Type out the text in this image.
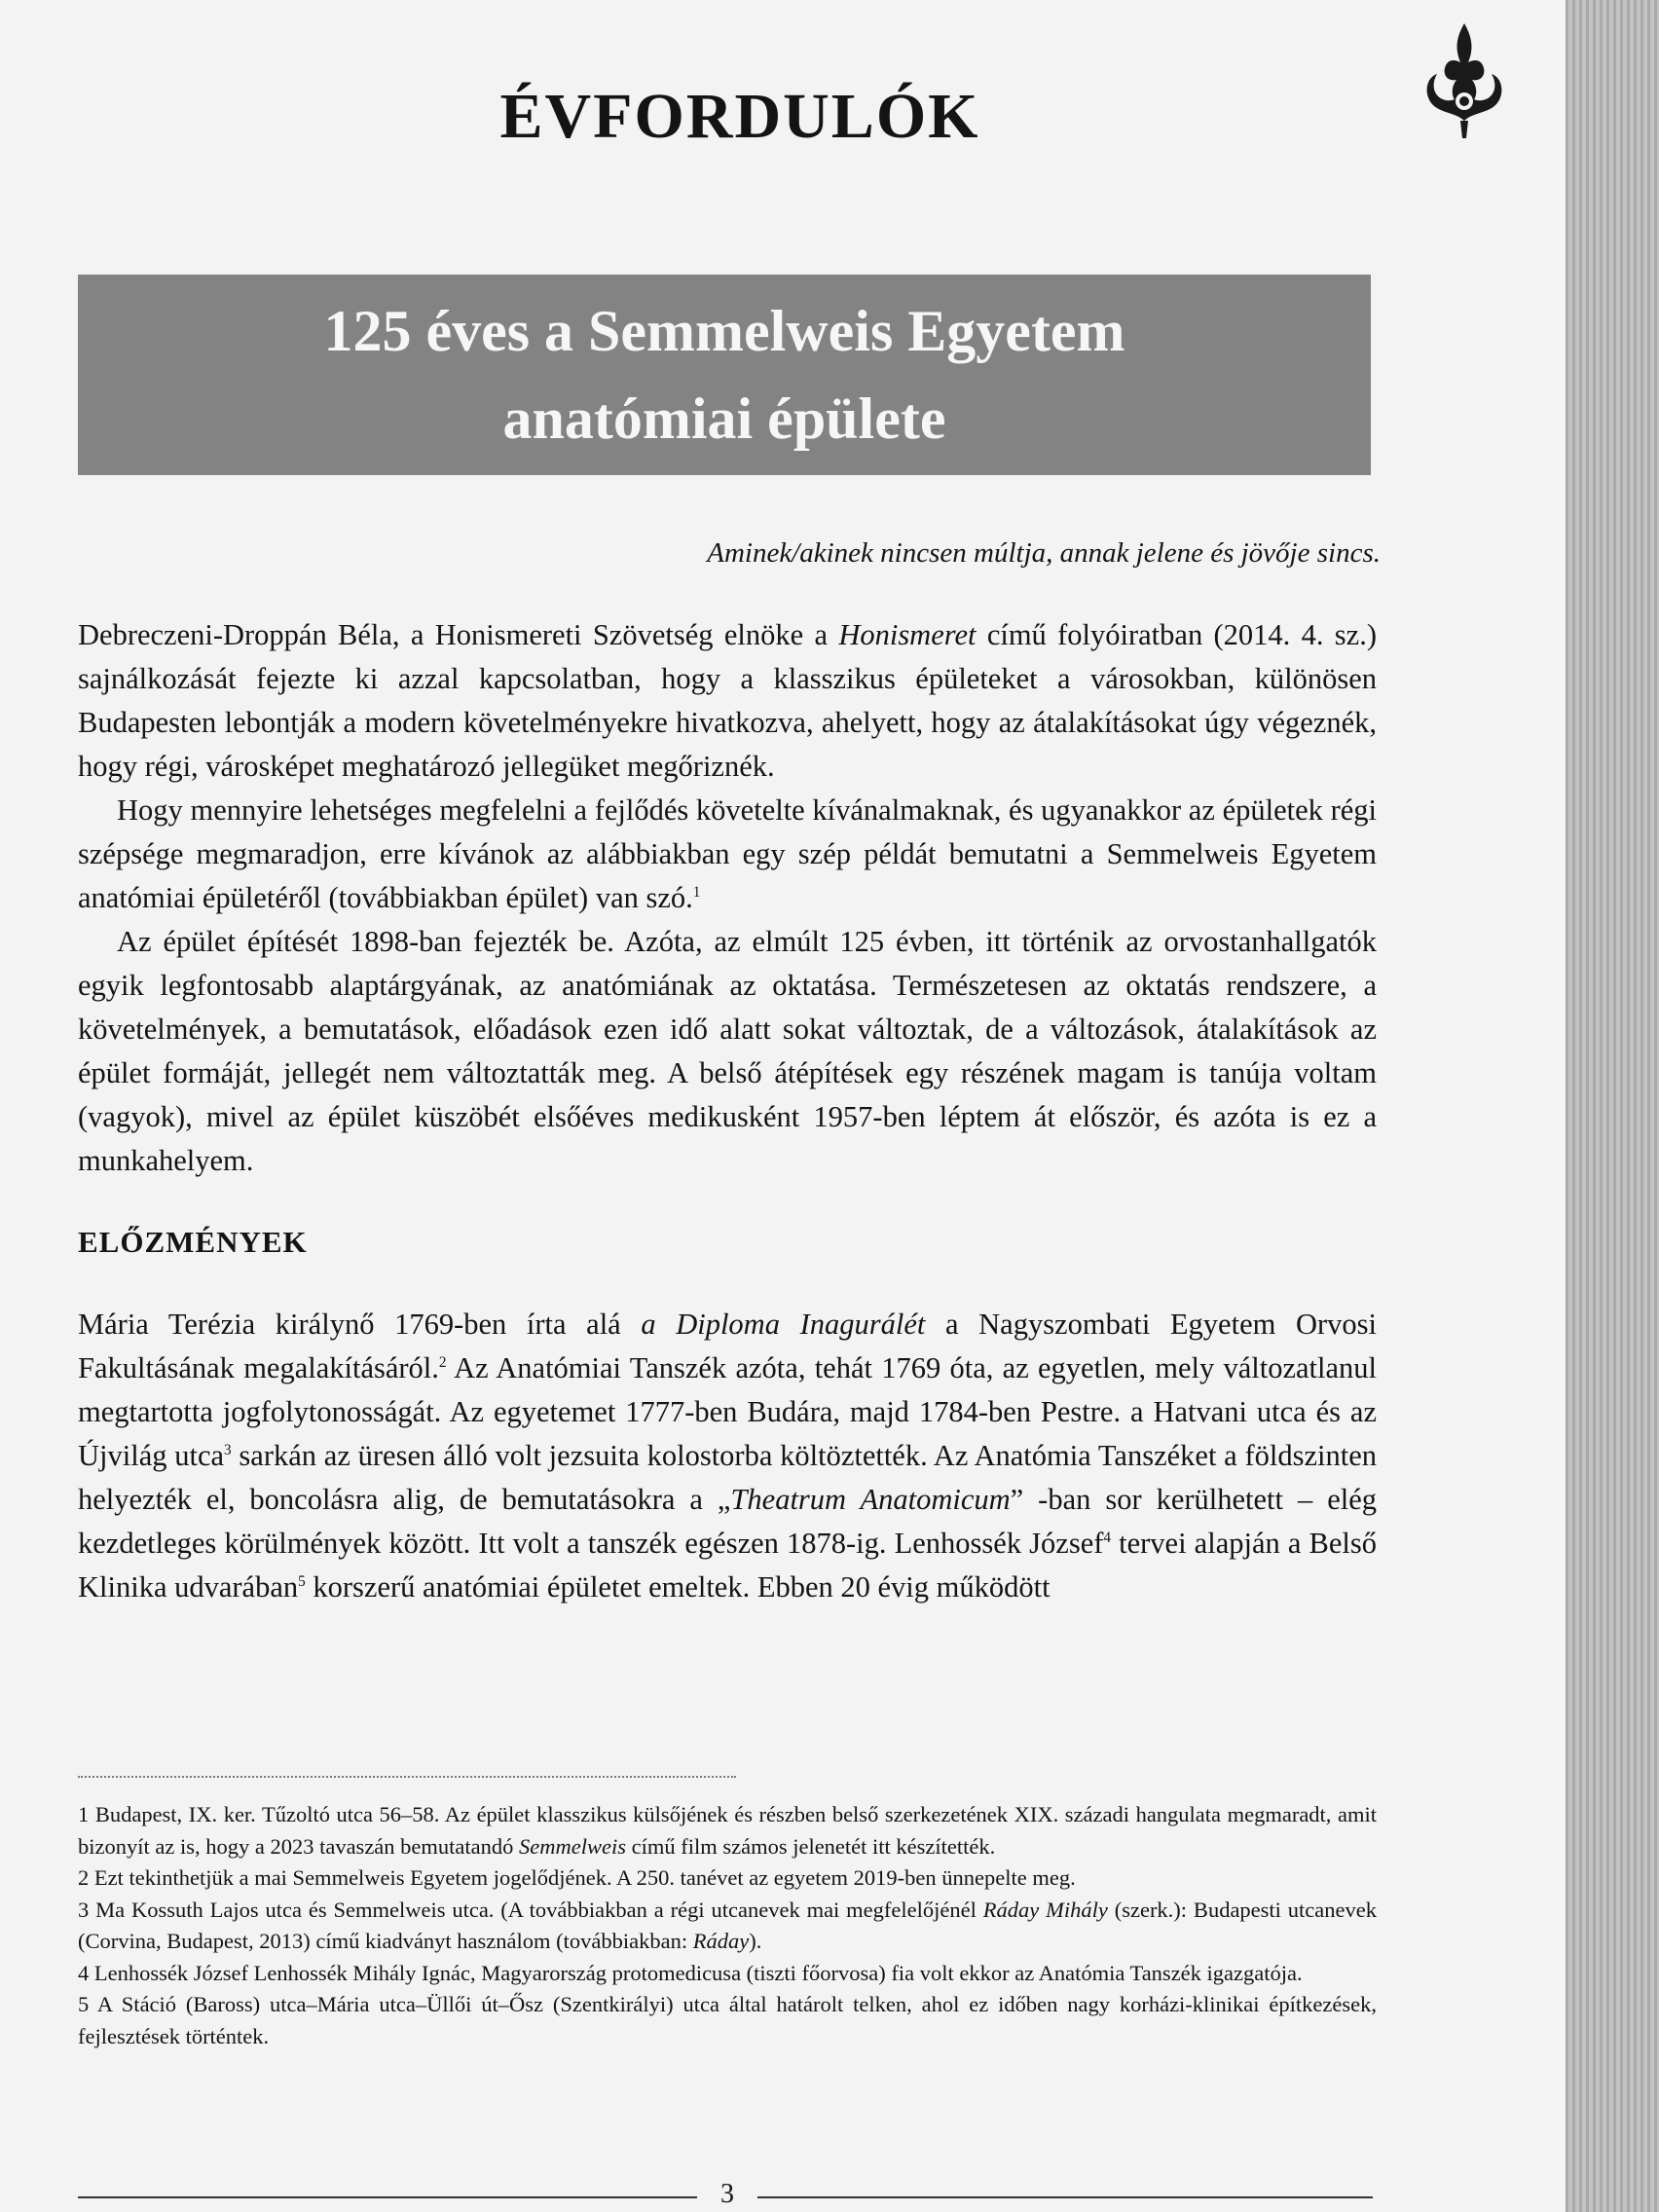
ÉVFORDULÓK
125 éves a Semmelweis Egyetem
anatómiai épülete
Aminek/akinek nincsen múltja, annak jelene és jövője sincs.

Debreczeni-Droppán Béla, a Honismereti Szövetség elnöke a Honismeret című folyóiratban (2014. 4. sz.) sajnálkozását fejezte ki azzal kapcsolatban, hogy a klasszikus épületeket a városokban, különösen Budapesten lebontják a modern követelményekre hivatkozva, ahelyett, hogy az átalakításokat úgy végeznék, hogy régi, városképet meghatározó jellegüket megőriznék.

Hogy mennyire lehetséges megfelelni a fejlődés követelte kívánalmaknak, és ugyanakkor az épületek régi szépsége megmaradjon, erre kívánok az alábbiakban egy szép példát bemutatni a Semmelweis Egyetem anatómiai épületéről (továbbiakban épület) van szó.$^1$

Az épület építését 1898-ban fejezték be. Azóta, az elmúlt 125 évben, itt történik az orvostanhallgatók egyik legfontosabb alaptárgyának, az anatómiának az oktatása. Természetesen az oktatás rendszere, a követelmények, a bemutatások, előadások ezen idő alatt sokat változtak, de a változások, átalakítások az épület formáját, jellegét nem változtatták meg. A belső átépítések egy részének magam is tanúja voltam (vagyok), mivel az épület küszöbét elsőéves medikusként 1957-ben léptem át először, és azóta is ez a munkahelyem.

ELŐZMÉNYEK

Mária Terézia királynő 1769-ben írta alá a Diploma Inagurálét a Nagyszombati Egyetem Orvosi Fakultásának megalakításáról.$^2$ Az Anatómiai Tanszék azóta, tehát 1769 óta, az egyetlen, mely változatlanul megtartotta jogfolytonosságát. Az egyetemet 1777-ben Budára, majd 1784-ben Pestre. a Hatvani utca és az Újvilág utca$^3$ sarkán az üresen álló volt jezsuita kolostorba költöztették. Az Anatómia Tanszéket a földszinten helyezték el, boncolásra alig, de bemutatásokra a „Theatrum Anatomicum” -ban sor kerülhetett – elég kezdetleges körülmények között. Itt volt a tanszék egészen 1878-ig. Lenhossék József$^4$ tervei alapján a Belső Klinika udvarában$^5$ korszerű anatómiai épületet emeltek. Ebben 20 évig működött

1 Budapest, IX. ker. Tűzoltó utca 56–58. Az épület klasszikus külsőjének és részben belső szerkezetének XIX. századi hangulata megmaradt, amit bizonyít az is, hogy a 2023 tavaszán bemutatandó Semmelweis című film számos jelenetét itt készítették.

2 Ezt tekinthetjük a mai Semmelweis Egyetem jogelődjének. A 250. tanévet az egyetem 2019-ben ünnepelte meg.

3 Ma Kossuth Lajos utca és Semmelweis utca. (A továbbiakban a régi utcanevek mai megfelelőjénél Ráday Mihály (szerk.): Budapesti utcanevek (Corvina, Budapest, 2013) című kiadványt használom (továbbiakban: Ráday).

4 Lenhossék József Lenhossék Mihály Ignác, Magyarország protomedicusa (tiszti főorvosa) fia volt ekkor az Anatómia Tanszék igazgatója.

5 A Stáció (Baross) utca–Mária utca–Üllői út–Ősz (Szentkirályi) utca által határolt telken, ahol ez időben nagy korházi-klinikai építkezések, fejlesztések történtek.

3
